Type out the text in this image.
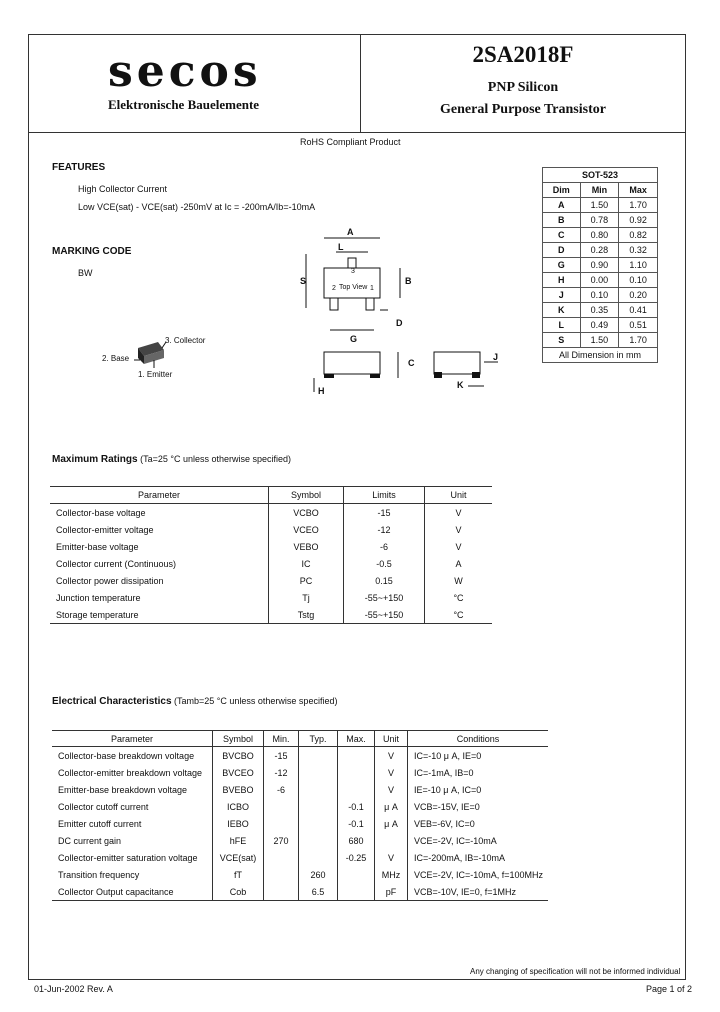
secos
Elektronische Bauelemente
2SA2018F
PNP Silicon
General Purpose Transistor
RoHS Compliant Product
FEATURES
High Collector Current
Low VCE(sat) - VCE(sat) -250mV at Ic = -200mA/Ib=-10mA
MARKING CODE
BW
3. Collector
2. Base
1. Emitter
A
L
S	B
D
G
C
H
J
K
3
Top View
2	1
SOT-523		
Dim	Min	Max
A	1.50	1.70
B	0.78	0.92
C	0.80	0.82
D	0.28	0.32
G	0.90	1.10
H	0.00	0.10
J	0.10	0.20
K	0.35	0.41
L	0.49	0.51
S	1.50	1.70
All Dimension in mm		
Maximum Ratings (Ta=25 °C unless otherwise specified)
Parameter	Symbol	Limits	Unit
Collector-base voltage	VCBO	-15	V
Collector-emitter voltage	VCEO	-12	V
Emitter-base voltage	VEBO	-6	V
Collector current (Continuous)	IC	-0.5	A
Collector power dissipation	PC	0.15	W
Junction temperature	Tj	-55~+150	°C
Storage temperature	Tstg	-55~+150	°C
Electrical Characteristics (Tamb=25 °C unless otherwise specified)
Parameter	Symbol	Min.	Typ.	Max.	Unit	Conditions
Collector-base breakdown voltage	BVCBO	-15			V	IC=-10 μ A, IE=0
Collector-emitter breakdown voltage	BVCEO	-12			V	IC=-1mA, IB=0
Emitter-base breakdown voltage	BVEBO	-6			V	IE=-10 μ A, IC=0
Collector cutoff current	ICBO			-0.1	μ A	VCB=-15V, IE=0
Emitter cutoff current	IEBO			-0.1	μ A	VEB=-6V, IC=0
DC current gain	hFE	270		680		VCE=-2V, IC=-10mA
Collector-emitter saturation voltage	VCE(sat)			-0.25	V	IC=-200mA, IB=-10mA
Transition frequency	fT		260		MHz	VCE=-2V, IC=-10mA, f=100MHz
Collector Output capacitance	Cob		6.5		pF	VCB=-10V, IE=0, f=1MHz
Any changing of specification will not be informed individual
01-Jun-2002 Rev. A	Page 1 of 2
